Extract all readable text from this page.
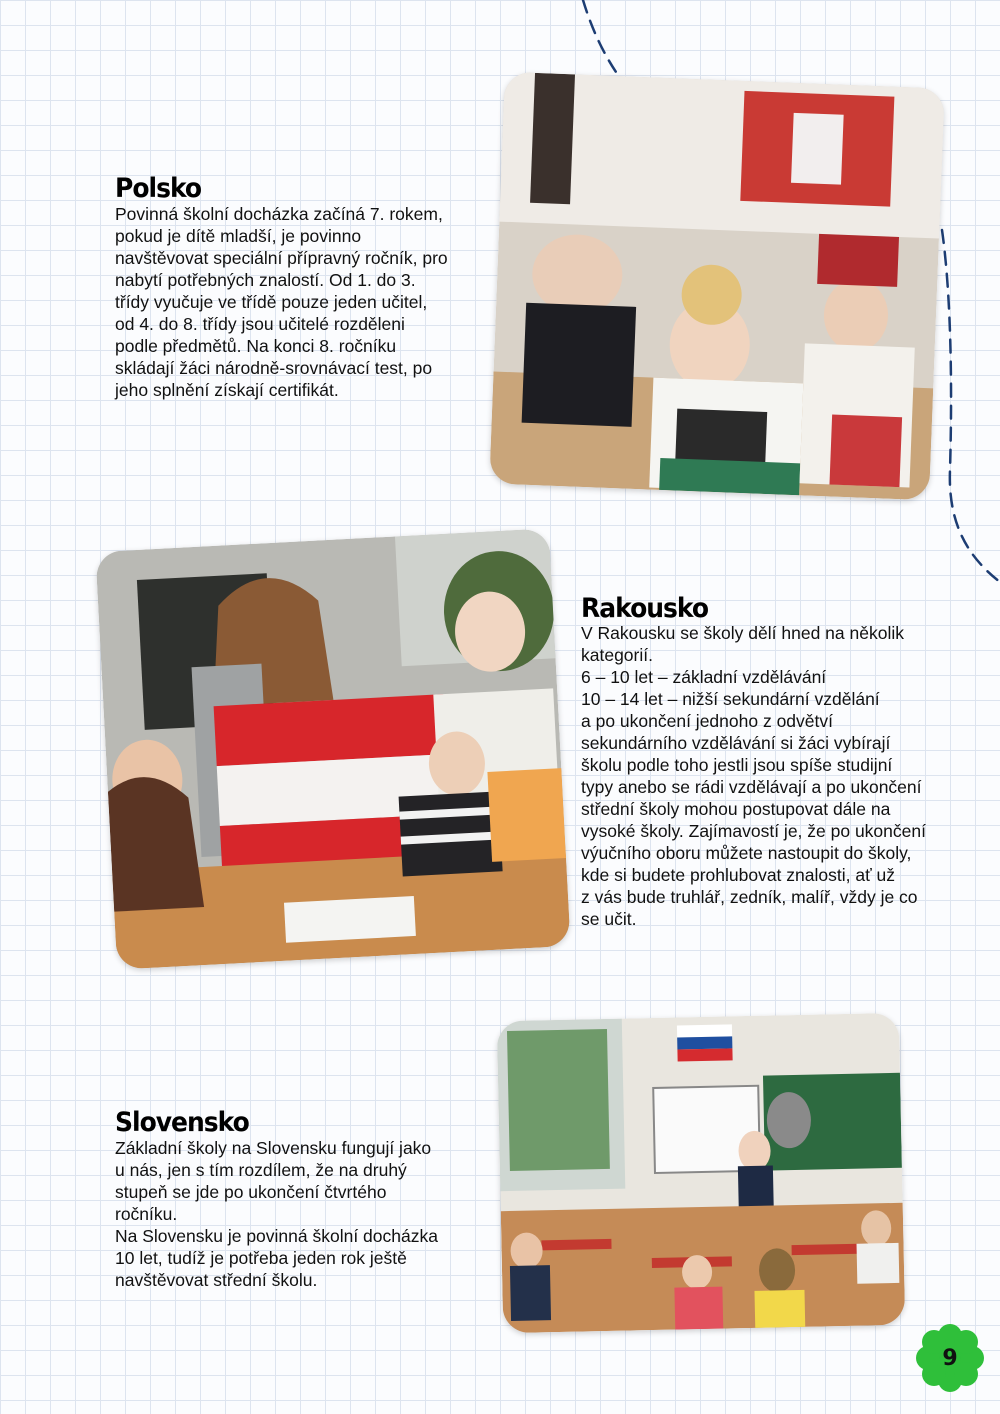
Polsko

Povinná školní docházka začíná 7. rokem,
pokud je dítě mladší, je povinno
navštěvovat speciální přípravný ročník, pro
nabytí potřebných znalostí. Od 1. do 3.
třídy vyučuje ve třídě pouze jeden učitel,
od 4. do 8. třídy jsou učitelé rozděleni
podle předmětů. Na konci 8. ročníku
skládají žáci národně-srovnávací test, po
jeho splnění získají certifikát.

Rakousko

V Rakousku se školy dělí hned na několik
kategorií.
6 – 10 let – základní vzdělávání
10 – 14 let – nižší sekundární vzdělání
a po ukončení jednoho z odvětví
sekundárního vzdělávání si žáci vybírají
školu podle toho jestli jsou spíše studijní
typy anebo se rádi vzdělávají a po ukončení
střední školy mohou postupovat dále na
vysoké školy. Zajímavostí je, že po ukončení
výučního oboru můžete nastoupit do školy,
kde si budete prohlubovat znalosti, ať už
z vás bude truhlář, zedník, malíř, vždy je co
se učit.

Slovensko

Základní školy na Slovensku fungují jako
u nás, jen s tím rozdílem, že na druhý
stupeň se jde po ukončení čtvrtého
ročníku.
Na Slovensku je povinná školní docházka
10 let, tudíž je potřeba jeden rok ještě
navštěvovat střední školu.

9
